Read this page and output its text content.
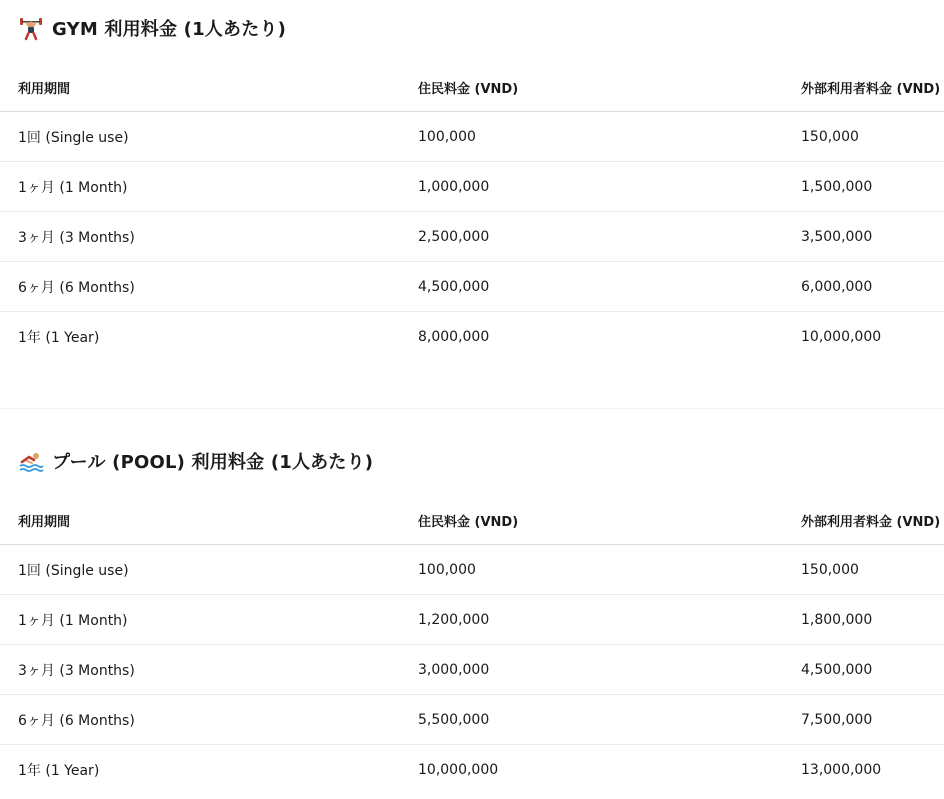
GYM 利用料金 (1人あたり)
利用期間	住民料金 (VND)	外部利用者料金 (VND)
1回 (Single use)	100,000	150,000
1ヶ月 (1 Month)	1,000,000	1,500,000
3ヶ月 (3 Months)	2,500,000	3,500,000
6ヶ月 (6 Months)	4,500,000	6,000,000
1年 (1 Year)	8,000,000	10,000,000
プール (POOL) 利用料金 (1人あたり)
利用期間	住民料金 (VND)	外部利用者料金 (VND)
1回 (Single use)	100,000	150,000
1ヶ月 (1 Month)	1,200,000	1,800,000
3ヶ月 (3 Months)	3,000,000	4,500,000
6ヶ月 (6 Months)	5,500,000	7,500,000
1年 (1 Year)	10,000,000	13,000,000
